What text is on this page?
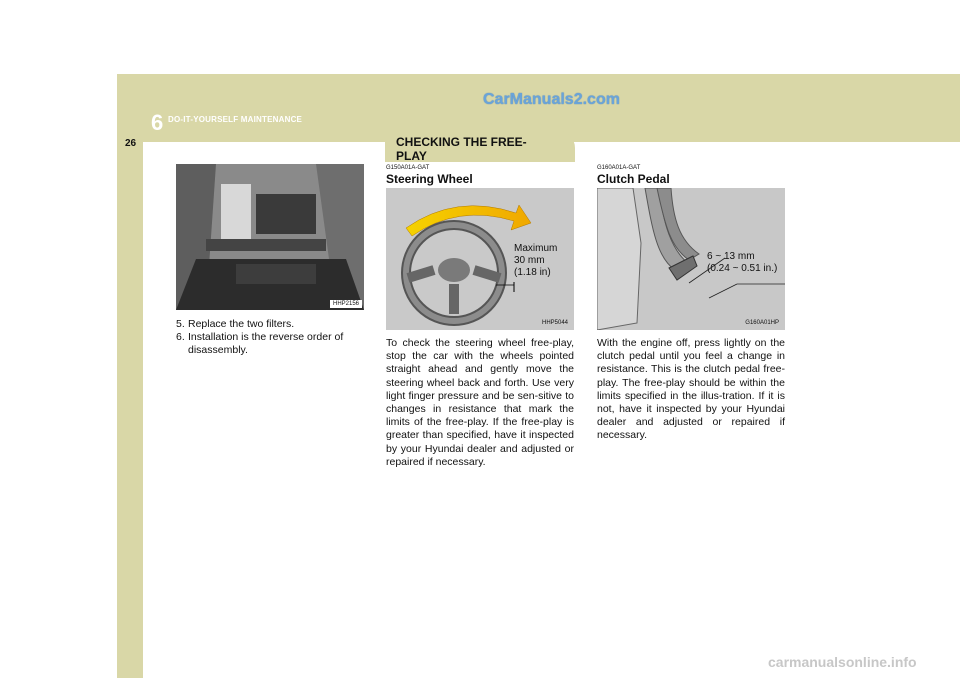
6 DO-IT-YOURSELF MAINTENANCE
26
CarManuals2.com
HHP2156
5. Replace the two filters.
6. Installation is the reverse order of disassembly.
CHECKING THE FREE-PLAY
G150A01A-GAT
Steering Wheel
Maximum
30 mm
(1.18 in)
HHP5044
To check the steering wheel free-play, stop the car with the wheels pointed straight ahead and gently move the steering wheel back and forth. Use very light finger pressure and be sen-sitive to changes in resistance that mark the limits of the free-play. If the free-play is greater than specified, have it inspected by your Hyundai dealer and adjusted or repaired if necessary.
G160A01A-GAT
Clutch Pedal
6 ~ 13 mm
(0.24 ~ 0.51 in.)
G160A01HP
With the engine off, press lightly on the clutch pedal until you feel a change in resistance. This is the clutch pedal free-play. The free-play should be within the limits specified in the illus-tration. If it is not, have it inspected by your Hyundai dealer and adjusted or repaired if necessary.
carmanualsonline.info
